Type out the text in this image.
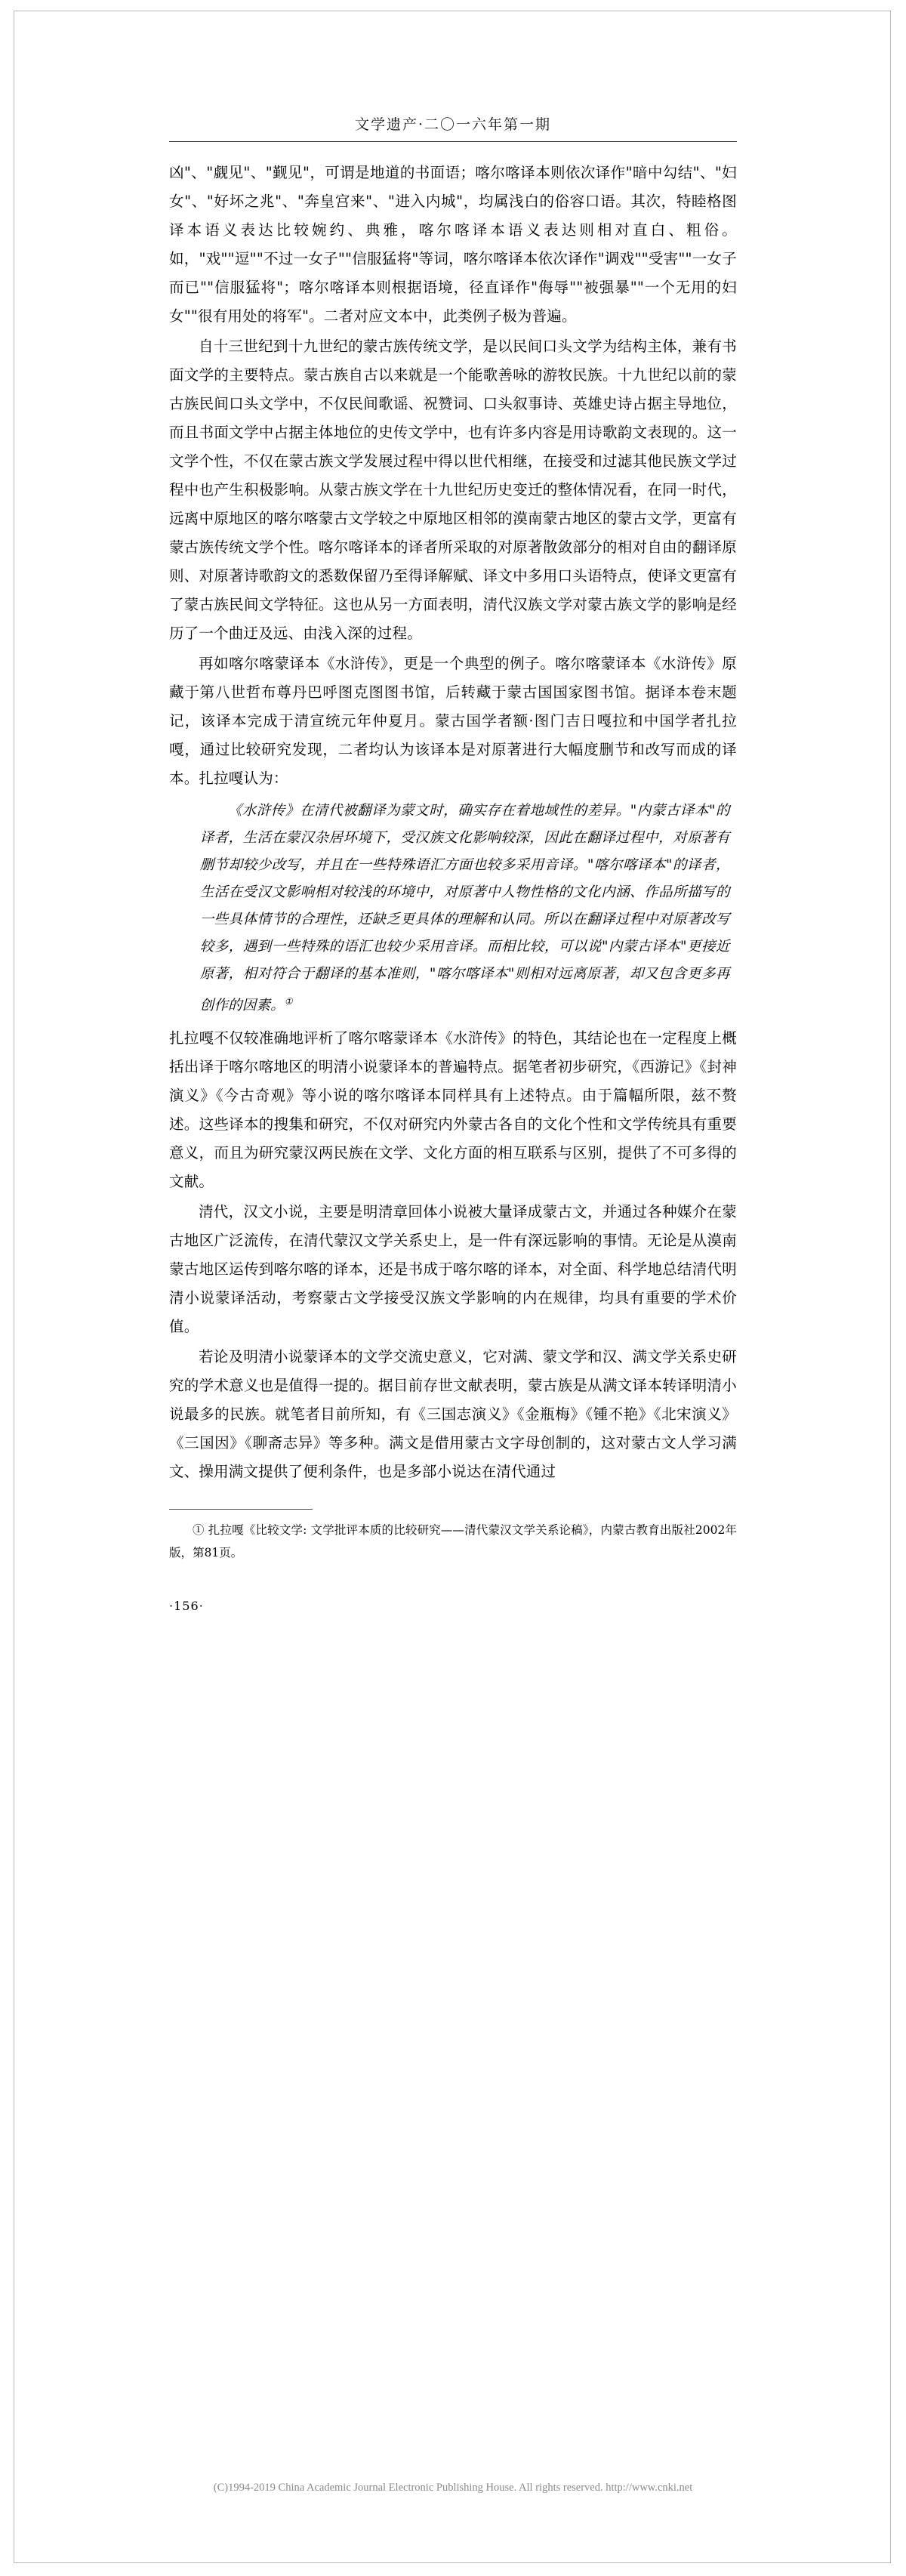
文学遗产·二〇一六年第一期

凶"、"觑见"、"觐见"，可谓是地道的书面语；喀尔喀译本则依次译作"暗中勾结"、"妇女"、"好坏之兆"、"奔皇宫来"、"进入内城"，均属浅白的俗容口语。其次，特睦格图译本语义表达比较婉约、典雅，喀尔喀译本语义表达则相对直白、粗俗。如，"戏""逗""不过一女子""信服猛将"等词，喀尔喀译本依次译作"调戏""受害""一女子而已""信服猛将"；喀尔喀译本则根据语境，径直译作"侮辱""被强暴""一个无用的妇女""很有用处的将军"。二者对应文本中，此类例子极为普遍。

自十三世纪到十九世纪的蒙古族传统文学，是以民间口头文学为结构主体，兼有书面文学的主要特点。蒙古族自古以来就是一个能歌善咏的游牧民族。十九世纪以前的蒙古族民间口头文学中，不仅民间歌谣、祝赞词、口头叙事诗、英雄史诗占据主导地位，而且书面文学中占据主体地位的史传文学中，也有许多内容是用诗歌韵文表现的。这一文学个性，不仅在蒙古族文学发展过程中得以世代相继，在接受和过滤其他民族文学过程中也产生积极影响。从蒙古族文学在十九世纪历史变迁的整体情况看，在同一时代，远离中原地区的喀尔喀蒙古文学较之中原地区相邻的漠南蒙古地区的蒙古文学，更富有蒙古族传统文学个性。喀尔喀译本的译者所采取的对原著散敛部分的相对自由的翻译原则、对原著诗歌韵文的悉数保留乃至得译解赋、译文中多用口头语特点，使译文更富有了蒙古族民间文学特征。这也从另一方面表明，清代汉族文学对蒙古族文学的影响是经历了一个曲迂及远、由浅入深的过程。

再如喀尔喀蒙译本《水浒传》，更是一个典型的例子。喀尔喀蒙译本《水浒传》原藏于第八世哲布尊丹巴呼图克图图书馆，后转藏于蒙古国国家图书馆。据译本卷末题记，该译本完成于清宣统元年仲夏月。蒙古国学者额·图门吉日嘎拉和中国学者扎拉嘎，通过比较研究发现，二者均认为该译本是对原著进行大幅度删节和改写而成的译本。扎拉嘎认为：

《水浒传》在清代被翻译为蒙文时，确实存在着地域性的差异。"内蒙古译本"的译者，生活在蒙汉杂居环境下，受汉族文化影响较深，因此在翻译过程中，对原著有删节却较少改写，并且在一些特殊语汇方面也较多采用音译。"喀尔喀译本"的译者，生活在受汉文影响相对较浅的环境中，对原著中人物性格的文化内涵、作品所描写的一些具体情节的合理性，还缺乏更具体的理解和认同。所以在翻译过程中对原著改写较多，遇到一些特殊的语汇也较少采用音译。而相比较，可以说"内蒙古译本"更接近原著，相对符合于翻译的基本准则，"喀尔喀译本"则相对远离原著，却又包含更多再创作的因素。①

扎拉嘎不仅较准确地评析了喀尔喀蒙译本《水浒传》的特色，其结论也在一定程度上概括出译于喀尔喀地区的明清小说蒙译本的普遍特点。据笔者初步研究，《西游记》《封神演义》《今古奇观》等小说的喀尔喀译本同样具有上述特点。由于篇幅所限，兹不赘述。这些译本的搜集和研究，不仅对研究内外蒙古各自的文化个性和文学传统具有重要意义，而且为研究蒙汉两民族在文学、文化方面的相互联系与区别，提供了不可多得的文献。

清代，汉文小说，主要是明清章回体小说被大量译成蒙古文，并通过各种媒介在蒙古地区广泛流传，在清代蒙汉文学关系史上，是一件有深远影响的事情。无论是从漠南蒙古地区运传到喀尔喀的译本，还是书成于喀尔喀的译本，对全面、科学地总结清代明清小说蒙译活动，考察蒙古文学接受汉族文学影响的内在规律，均具有重要的学术价值。

若论及明清小说蒙译本的文学交流史意义，它对满、蒙文学和汉、满文学关系史研究的学术意义也是值得一提的。据目前存世文献表明，蒙古族是从满文译本转译明清小说最多的民族。就笔者目前所知，有《三国志演义》《金瓶梅》《锺不艳》《北宋演义》《三国因》《聊斋志异》等多种。满文是借用蒙古文字母创制的，这对蒙古文人学习满文、操用满文提供了便利条件，也是多部小说达在清代通过

① 扎拉嘎《比较文学: 文学批评本质的比较研究——清代蒙汉文学关系论稿》，内蒙古教育出版社2002年版，第81页。

·156·
(C)1994-2019 China Academic Journal Electronic Publishing House. All rights reserved. http://www.cnki.net
